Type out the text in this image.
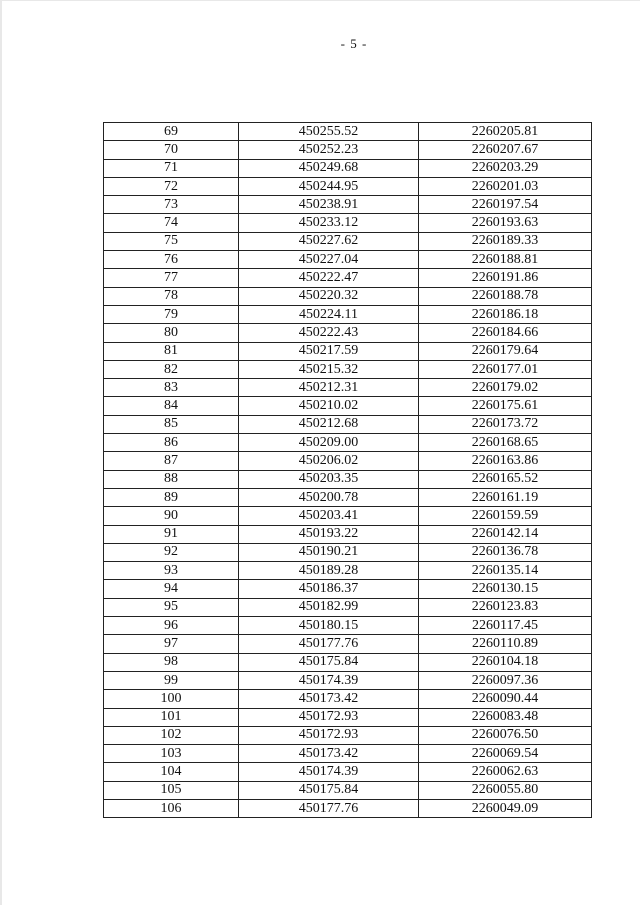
- 5 -
69	450255.52	2260205.81
70	450252.23	2260207.67
71	450249.68	2260203.29
72	450244.95	2260201.03
73	450238.91	2260197.54
74	450233.12	2260193.63
75	450227.62	2260189.33
76	450227.04	2260188.81
77	450222.47	2260191.86
78	450220.32	2260188.78
79	450224.11	2260186.18
80	450222.43	2260184.66
81	450217.59	2260179.64
82	450215.32	2260177.01
83	450212.31	2260179.02
84	450210.02	2260175.61
85	450212.68	2260173.72
86	450209.00	2260168.65
87	450206.02	2260163.86
88	450203.35	2260165.52
89	450200.78	2260161.19
90	450203.41	2260159.59
91	450193.22	2260142.14
92	450190.21	2260136.78
93	450189.28	2260135.14
94	450186.37	2260130.15
95	450182.99	2260123.83
96	450180.15	2260117.45
97	450177.76	2260110.89
98	450175.84	2260104.18
99	450174.39	2260097.36
100	450173.42	2260090.44
101	450172.93	2260083.48
102	450172.93	2260076.50
103	450173.42	2260069.54
104	450174.39	2260062.63
105	450175.84	2260055.80
106	450177.76	2260049.09
